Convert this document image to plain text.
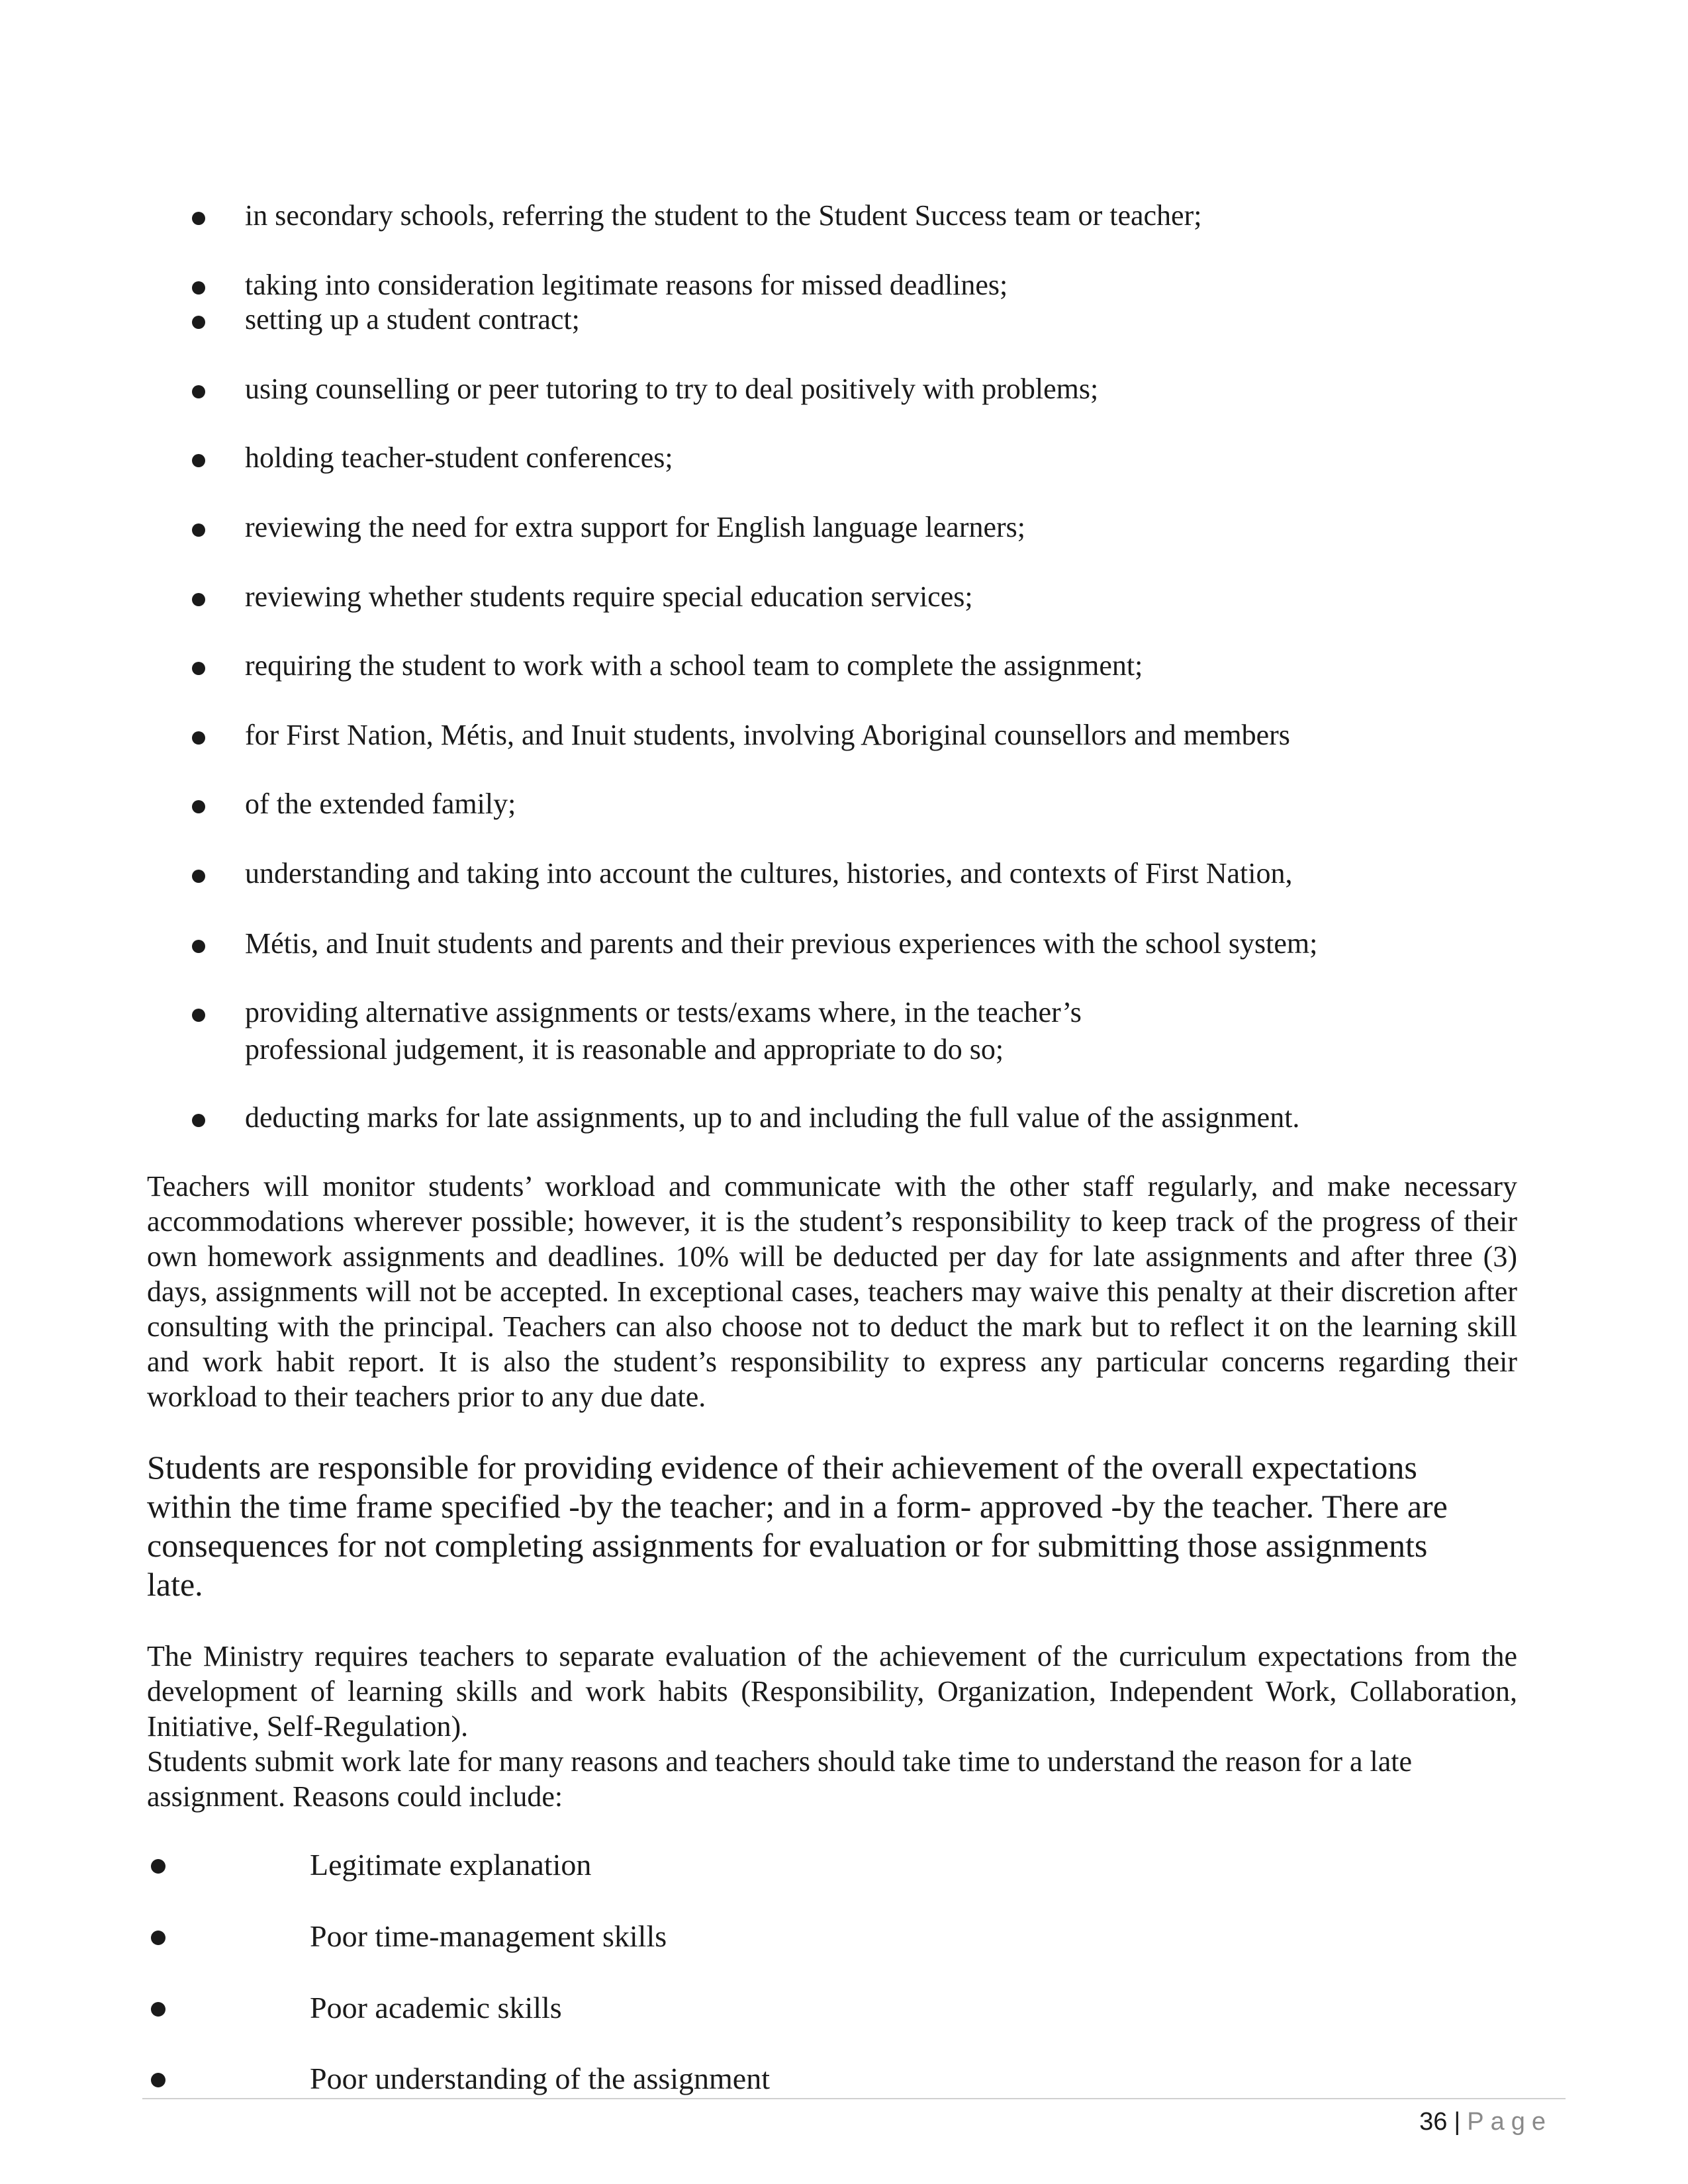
in secondary schools, referring the student to the Student Success team or teacher;
taking into consideration legitimate reasons for missed deadlines;
setting up a student contract;
using counselling or peer tutoring to try to deal positively with problems;
holding teacher-student conferences;
reviewing the need for extra support for English language learners;
reviewing whether students require special education services;
requiring the student to work with a school team to complete the assignment;
for First Nation, Métis, and Inuit students, involving Aboriginal counsellors and members
of the extended family;
understanding and taking into account the cultures, histories, and contexts of First Nation,
Métis, and Inuit students and parents and their previous experiences with the school system;
providing alternative assignments or tests/exams where, in the teacher’s professional judgement, it is reasonable and appropriate to do so;
deducting marks for late assignments, up to and including the full value of the assignment.

Teachers will monitor students’ workload and communicate with the other staff regularly, and make necessary accommodations wherever possible; however, it is the student’s responsibility to keep track of the progress of their own homework assignments and deadlines. 10% will be deducted per day for late assignments and after three (3) days, assignments will not be accepted. In exceptional cases, teachers may waive this penalty at their discretion after consulting with the principal. Teachers can also choose not to deduct the mark but to reflect it on the learning skill and work habit report. It is also the student’s responsibility to express any particular concerns regarding their workload to their teachers prior to any due date.

Students are responsible for providing evidence of their achievement of the overall expectations within the time frame specified -by the teacher; and in a form- approved -by the teacher. There are consequences for not completing assignments for evaluation or for submitting those assignments late.

The Ministry requires teachers to separate evaluation of the achievement of the curriculum expectations from the development of learning skills and work habits (Responsibility, Organization, Independent Work, Collaboration, Initiative, Self-Regulation).

Students submit work late for many reasons and teachers should take time to understand the reason for a late assignment. Reasons could include:

Legitimate explanation
Poor time-management skills
Poor academic skills
Poor understanding of the assignment
36 | Page
